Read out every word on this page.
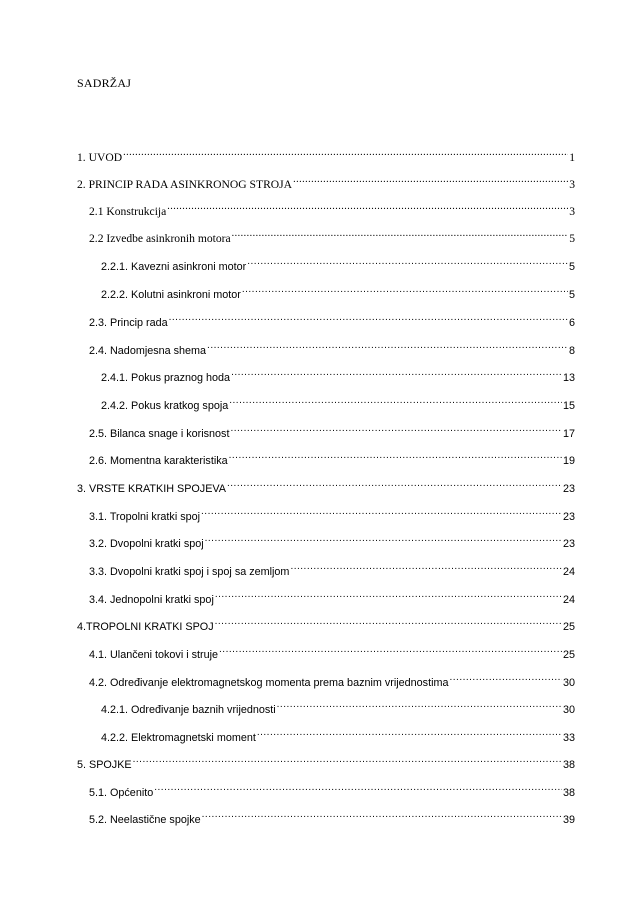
SADRŽAJ
1. UVOD .....	1
2. PRINCIP RADA ASINKRONOG STROJA .....	3
2.1 Konstrukcija .....	3
2.2 Izvedbe asinkronih motora .....	5
2.2.1. Kavezni asinkroni motor .....	5
2.2.2. Kolutni asinkroni motor .....	5
2.3. Princip rada .....	6
2.4. Nadomjesna shema .....	8
2.4.1. Pokus praznog hoda .....	13
2.4.2. Pokus kratkog spoja .....	15
2.5. Bilanca snage i korisnost .....	17
2.6. Momentna karakteristika .....	19
3. VRSTE KRATKIH SPOJEVA .....	23
3.1. Tropolni kratki spoj .....	23
3.2. Dvopolni kratki spoj .....	23
3.3. Dvopolni kratki spoj i spoj sa zemljom .....	24
3.4. Jednopolni kratki spoj .....	24
4.TROPOLNI KRATKI SPOJ .....	25
4.1. Ulančeni tokovi i struje .....	25
4.2. Određivanje elektromagnetskog momenta prema baznim vrijednostima .....	30
4.2.1. Određivanje baznih vrijednosti .....	30
4.2.2. Elektromagnetski moment .....	33
5. SPOJKE .....	38
5.1. Općenito .....	38
5.2. Neelastične spojke .....	39
